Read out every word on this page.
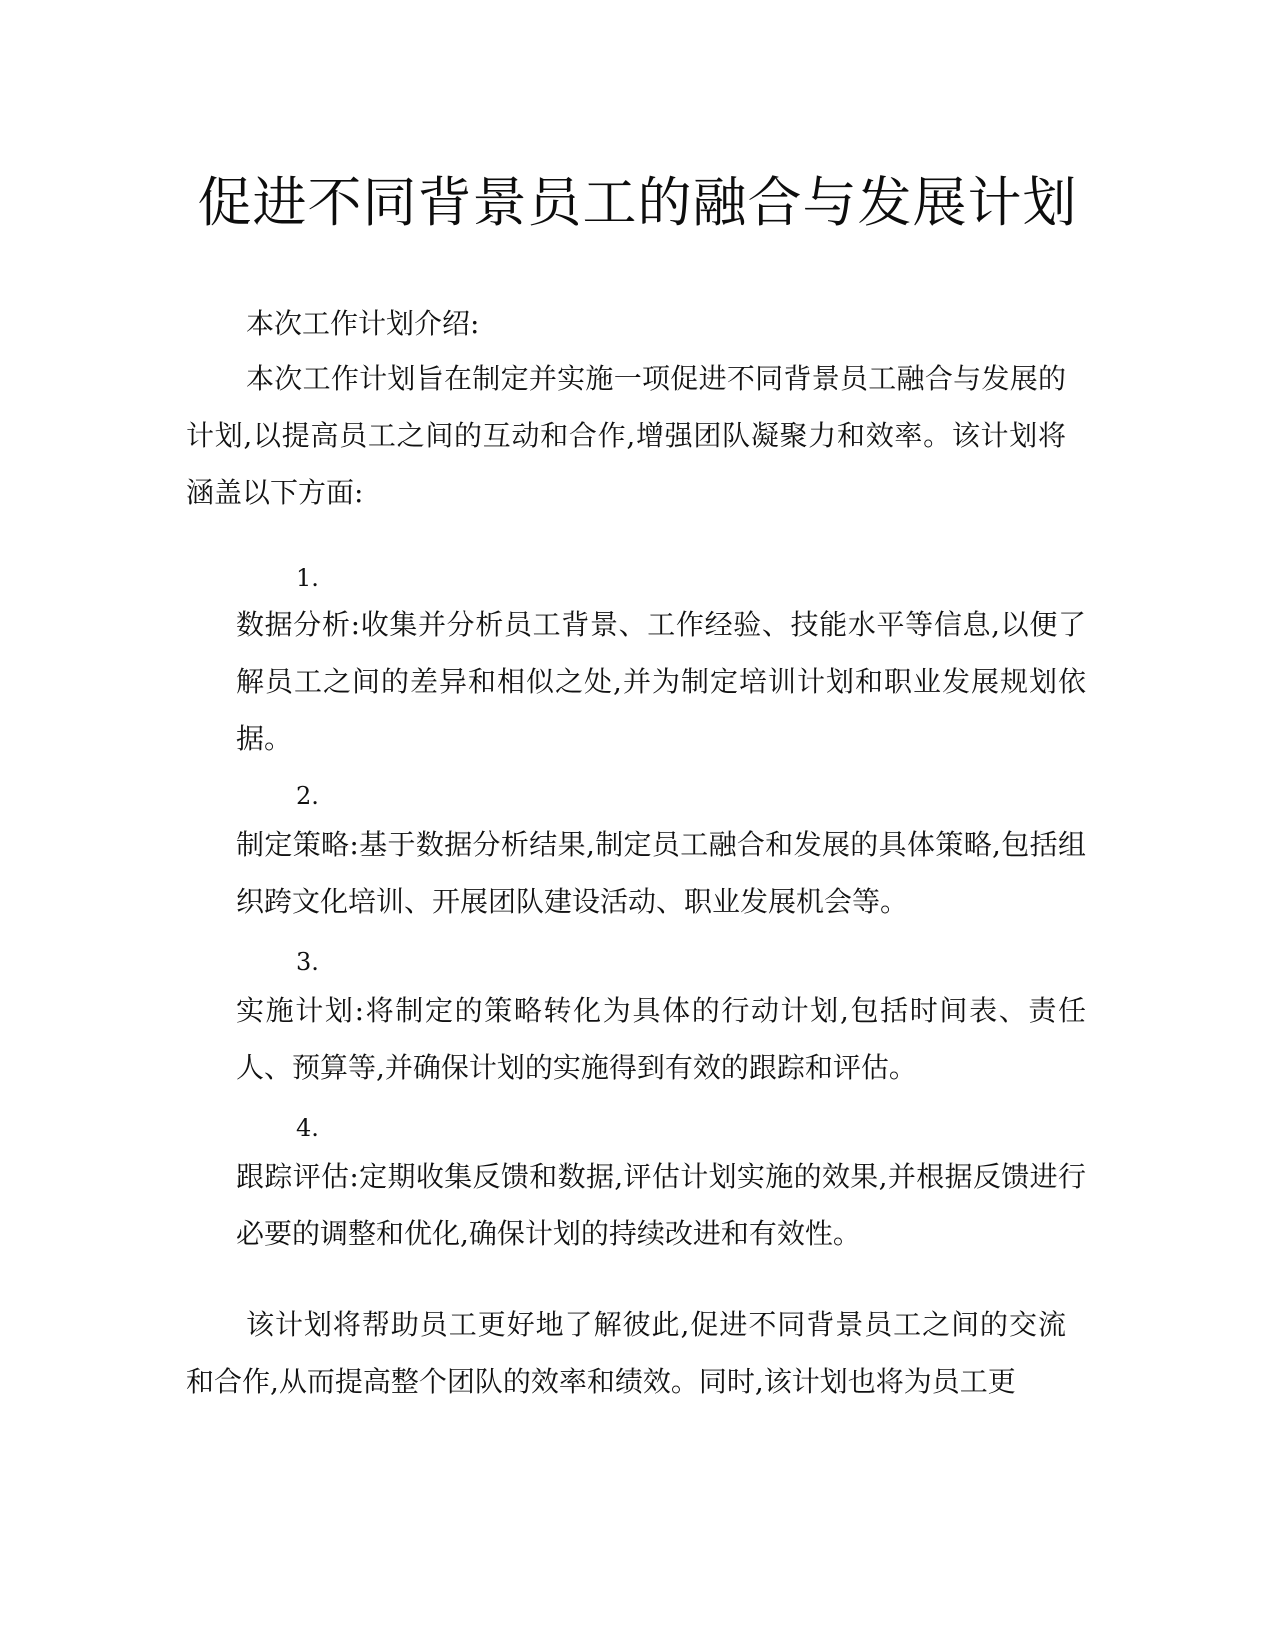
促进不同背景员工的融合与发展计划

本次工作计划介绍:

本次工作计划旨在制定并实施一项促进不同背景员工融合与发展的计划,以提高员工之间的互动和合作,增强团队凝聚力和效率。该计划将涵盖以下方面:

1.

数据分析:收集并分析员工背景、工作经验、技能水平等信息,以便了解员工之间的差异和相似之处,并为制定培训计划和职业发展规划依据。

2.

制定策略:基于数据分析结果,制定员工融合和发展的具体策略,包括组织跨文化培训、开展团队建设活动、职业发展机会等。

3.

实施计划:将制定的策略转化为具体的行动计划,包括时间表、责任人、预算等,并确保计划的实施得到有效的跟踪和评估。

4.

跟踪评估:定期收集反馈和数据,评估计划实施的效果,并根据反馈进行必要的调整和优化,确保计划的持续改进和有效性。

该计划将帮助员工更好地了解彼此,促进不同背景员工之间的交流和合作,从而提高整个团队的效率和绩效。同时,该计划也将为员工更
